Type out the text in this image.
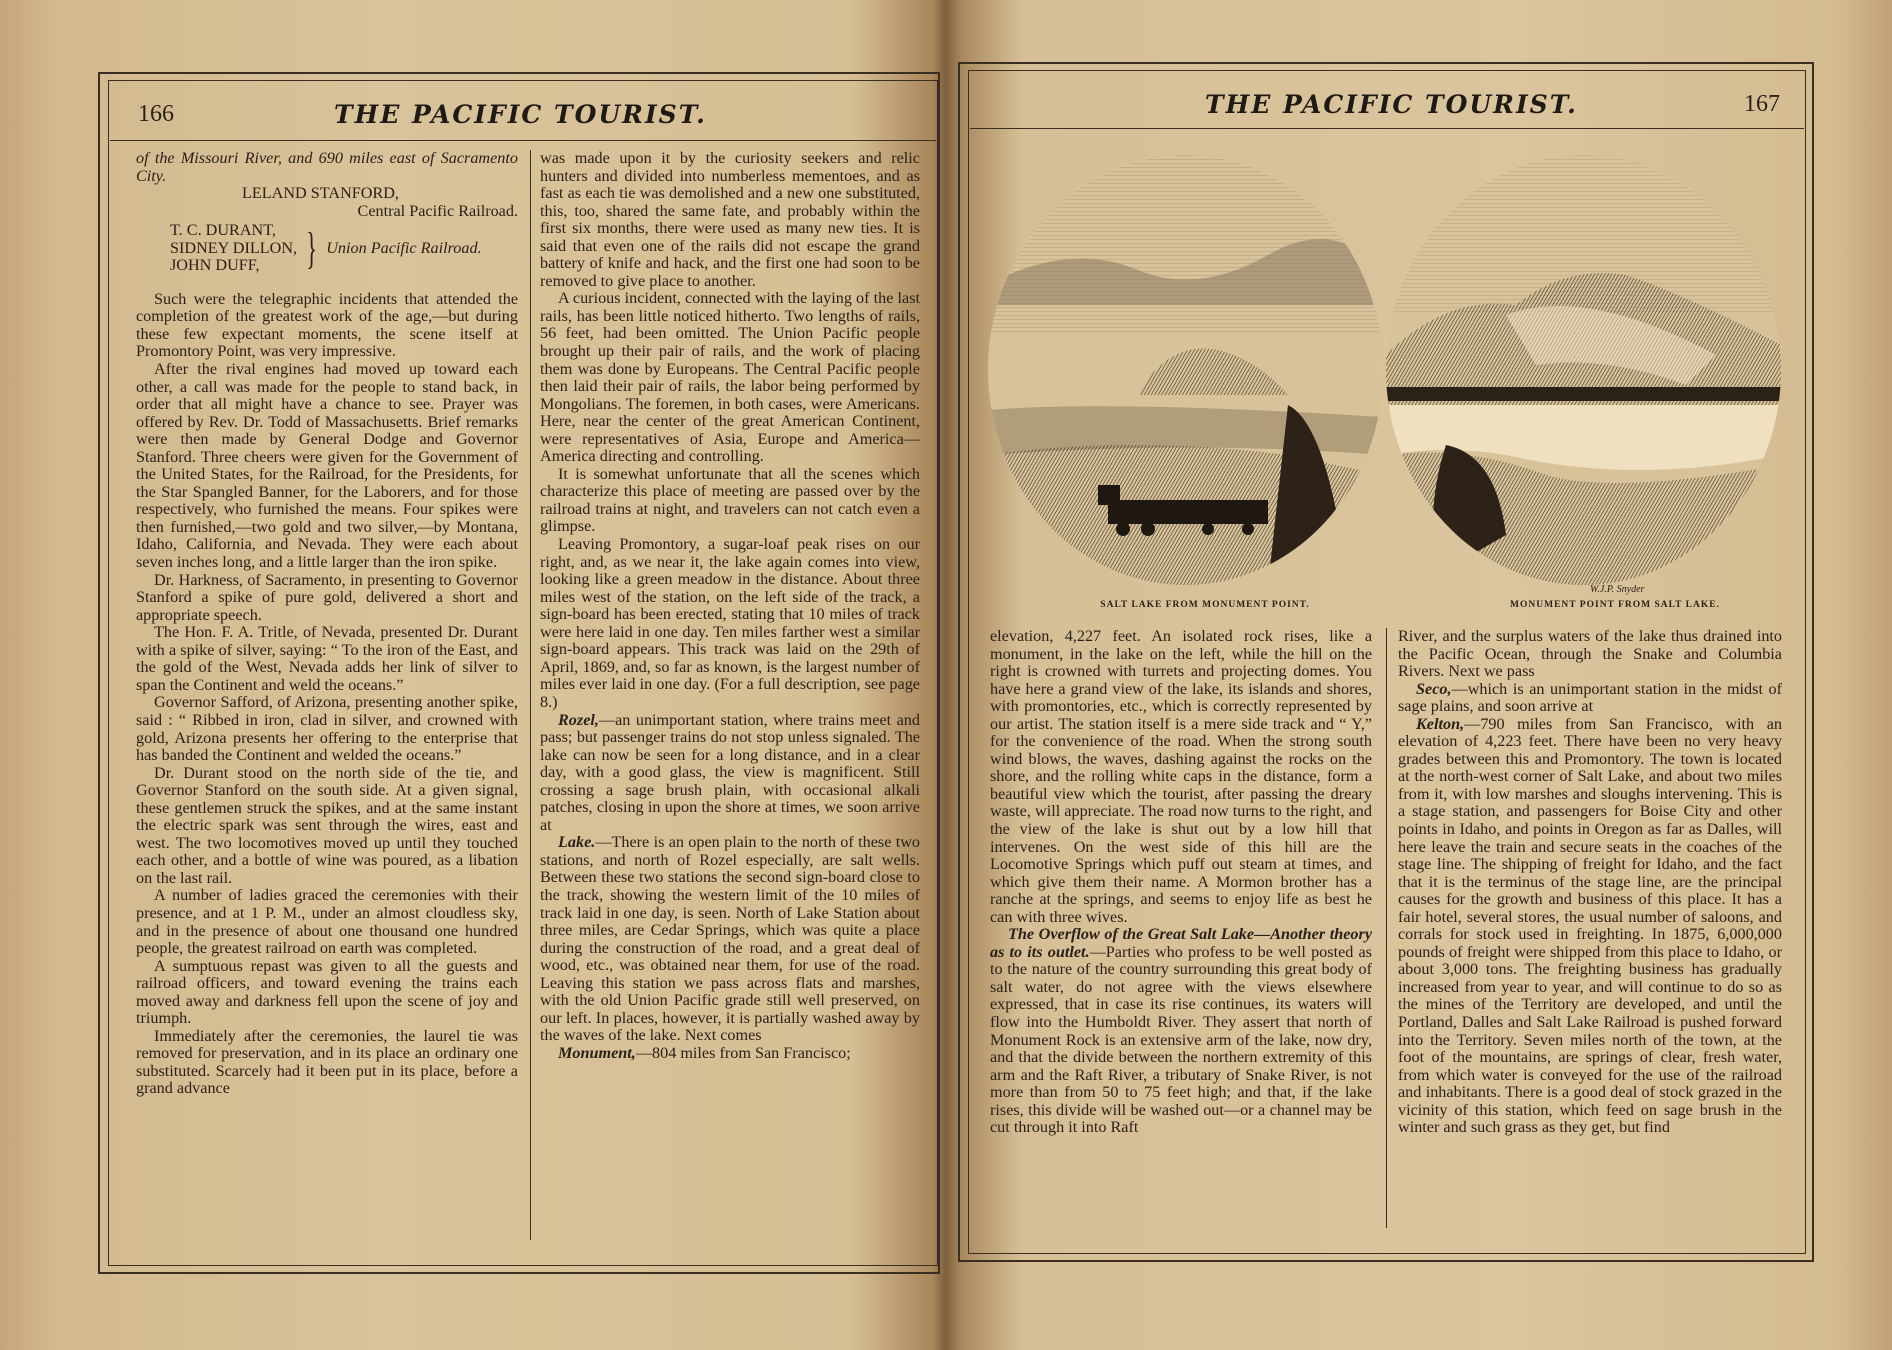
166	THE PACIFIC TOURIST.

of the Missouri River, and 690 miles east of Sacramento City.

LELAND STANFORD,
Central Pacific Railroad.
T. C. DURANT,
SIDNEY DILLON,
JOHN DUFF,	} Union Pacific Railroad.

Such were the telegraphic incidents that attended the completion of the greatest work of the age,—but during these few expectant moments, the scene itself at Promontory Point, was very impressive.

After the rival engines had moved up toward each other, a call was made for the people to stand back, in order that all might have a chance to see. Prayer was offered by Rev. Dr. Todd of Massachusetts. Brief remarks were then made by General Dodge and Governor Stanford. Three cheers were given for the Government of the United States, for the Railroad, for the Presidents, for the Star Spangled Banner, for the Laborers, and for those respectively, who furnished the means. Four spikes were then furnished,—two gold and two silver,—by Montana, Idaho, California, and Nevada. They were each about seven inches long, and a little larger than the iron spike.

Dr. Harkness, of Sacramento, in presenting to Governor Stanford a spike of pure gold, delivered a short and appropriate speech.

The Hon. F. A. Tritle, of Nevada, presented Dr. Durant with a spike of silver, saying: “ To the iron of the East, and the gold of the West, Nevada adds her link of silver to span the Continent and weld the oceans.”

Governor Safford, of Arizona, presenting another spike, said : “ Ribbed in iron, clad in silver, and crowned with gold, Arizona presents her offering to the enterprise that has banded the Continent and welded the oceans.”

Dr. Durant stood on the north side of the tie, and Governor Stanford on the south side. At a given signal, these gentlemen struck the spikes, and at the same instant the electric spark was sent through the wires, east and west. The two locomotives moved up until they touched each other, and a bottle of wine was poured, as a libation on the last rail.

A number of ladies graced the ceremonies with their presence, and at 1 P. M., under an almost cloudless sky, and in the presence of about one thousand one hundred people, the greatest railroad on earth was completed.

A sumptuous repast was given to all the guests and railroad officers, and toward evening the trains each moved away and darkness fell upon the scene of joy and triumph.

Immediately after the ceremonies, the laurel tie was removed for preservation, and in its place an ordinary one substituted. Scarcely had it been put in its place, before a grand advance

was made upon it by the curiosity seekers and relic hunters and divided into numberless mementoes, and as fast as each tie was demolished and a new one substituted, this, too, shared the same fate, and probably within the first six months, there were used as many new ties. It is said that even one of the rails did not escape the grand battery of knife and hack, and the first one had soon to be removed to give place to another.

A curious incident, connected with the laying of the last rails, has been little noticed hitherto. Two lengths of rails, 56 feet, had been omitted. The Union Pacific people brought up their pair of rails, and the work of placing them was done by Europeans. The Central Pacific people then laid their pair of rails, the labor being performed by Mongolians. The foremen, in both cases, were Americans. Here, near the center of the great American Continent, were representatives of Asia, Europe and America—America directing and controlling.

It is somewhat unfortunate that all the scenes which characterize this place of meeting are passed over by the railroad trains at night, and travelers can not catch even a glimpse.

Leaving Promontory, a sugar-loaf peak rises on our right, and, as we near it, the lake again comes into view, looking like a green meadow in the distance. About three miles west of the station, on the left side of the track, a sign-board has been erected, stating that 10 miles of track were here laid in one day. Ten miles farther west a similar sign-board appears. This track was laid on the 29th of April, 1869, and, so far as known, is the largest number of miles ever laid in one day. (For a full description, see page 8.)

Rozel,—an unimportant station, where trains meet and pass; but passenger trains do not stop unless signaled. The lake can now be seen for a long distance, and in a clear day, with a good glass, the view is magnificent. Still crossing a sage brush plain, with occasional alkali patches, closing in upon the shore at times, we soon arrive at

Lake.—There is an open plain to the north of these two stations, and north of Rozel especially, are salt wells. Between these two stations the second sign-board close to the track, showing the western limit of the 10 miles of track laid in one day, is seen. North of Lake Station about three miles, are Cedar Springs, which was quite a place during the construction of the road, and a great deal of wood, etc., was obtained near them, for use of the road. Leaving this station we pass across flats and marshes, with the old Union Pacific grade still well preserved, on our left. In places, however, it is partially washed away by the waves of the lake. Next comes

Monument,—804 miles from San Francisco;

THE PACIFIC TOURIST.	167
SALT LAKE FROM MONUMENT POINT.	MONUMENT POINT FROM SALT LAKE.
W.J.P. Snyder

elevation, 4,227 feet. An isolated rock rises, like a monument, in the lake on the left, while the hill on the right is crowned with turrets and projecting domes. You have here a grand view of the lake, its islands and shores, with promontories, etc., which is correctly represented by our artist. The station itself is a mere side track and “ Y,” for the convenience of the road. When the strong south wind blows, the waves, dashing against the rocks on the shore, and the rolling white caps in the distance, form a beautiful view which the tourist, after passing the dreary waste, will appreciate. The road now turns to the right, and the view of the lake is shut out by a low hill that intervenes. On the west side of this hill are the Locomotive Springs which puff out steam at times, and which give them their name. A Mormon brother has a ranche at the springs, and seems to enjoy life as best he can with three wives.

The Overflow of the Great Salt Lake—Another theory as to its outlet.—Parties who profess to be well posted as to the nature of the country surrounding this great body of salt water, do not agree with the views elsewhere expressed, that in case its rise continues, its waters will flow into the Humboldt River. They assert that north of Monument Rock is an extensive arm of the lake, now dry, and that the divide between the northern extremity of this arm and the Raft River, a tributary of Snake River, is not more than from 50 to 75 feet high; and that, if the lake rises, this divide will be washed out—or a channel may be cut through it into Raft

River, and the surplus waters of the lake thus drained into the Pacific Ocean, through the Snake and Columbia Rivers. Next we pass

Seco,—which is an unimportant station in the midst of sage plains, and soon arrive at

Kelton,—790 miles from San Francisco, with an elevation of 4,223 feet. There have been no very heavy grades between this and Promontory. The town is located at the north-west corner of Salt Lake, and about two miles from it, with low marshes and sloughs intervening. This is a stage station, and passengers for Boise City and other points in Idaho, and points in Oregon as far as Dalles, will here leave the train and secure seats in the coaches of the stage line. The shipping of freight for Idaho, and the fact that it is the terminus of the stage line, are the principal causes for the growth and business of this place. It has a fair hotel, several stores, the usual number of saloons, and corrals for stock used in freighting. In 1875, 6,000,000 pounds of freight were shipped from this place to Idaho, or about 3,000 tons. The freighting business has gradually increased from year to year, and will continue to do so as the mines of the Territory are developed, and until the Portland, Dalles and Salt Lake Railroad is pushed forward into the Territory. Seven miles north of the town, at the foot of the mountains, are springs of clear, fresh water, from which water is conveyed for the use of the railroad and inhabitants. There is a good deal of stock grazed in the vicinity of this station, which feed on sage brush in the winter and such grass as they get, but find
